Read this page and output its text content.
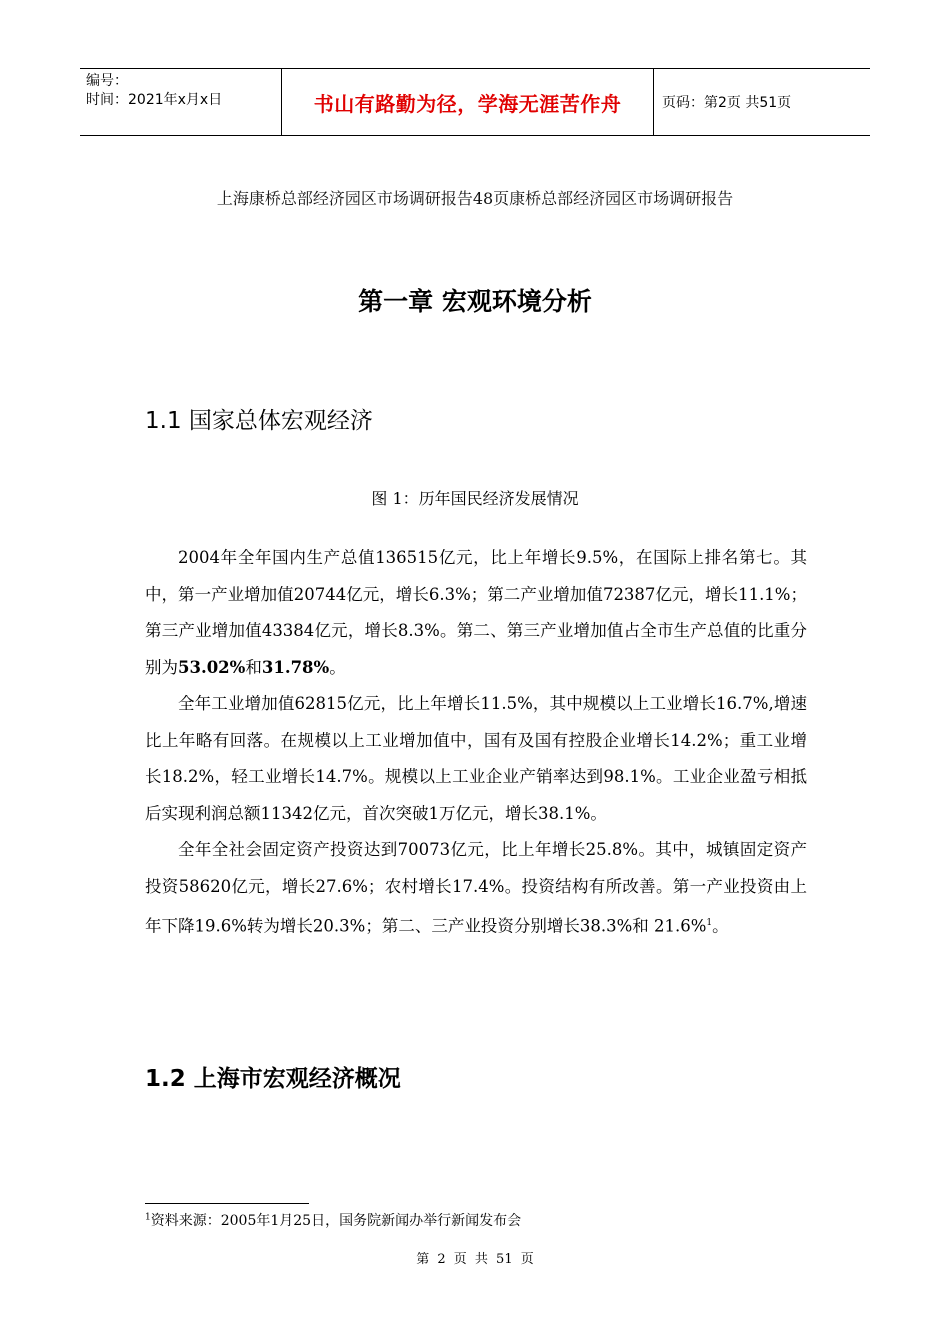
编号：
时间：2021年x月x日	书山有路勤为径，学海无涯苦作舟	页码：第2页 共51页
上海康桥总部经济园区市场调研报告48页康桥总部经济园区市场调研报告
第一章 宏观环境分析
1.1 国家总体宏观经济
图 1：历年国民经济发展情况

2004年全年国内生产总值136515亿元，比上年增长9.5%，在国际上排名第七。其中，第一产业增加值20744亿元，增长6.3%；第二产业增加值72387亿元，增长11.1%；第三产业增加值43384亿元，增长8.3%。第二、第三产业增加值占全市生产总值的比重分别为53.02%和31.78%。

全年工业增加值62815亿元，比上年增长11.5%，其中规模以上工业增长16.7%,增速比上年略有回落。在规模以上工业增加值中，国有及国有控股企业增长14.2%；重工业增长18.2%，轻工业增长14.7%。规模以上工业企业产销率达到98.1%。工业企业盈亏相抵后实现利润总额11342亿元，首次突破1万亿元，增长38.1%。

全年全社会固定资产投资达到70073亿元，比上年增长25.8%。其中，城镇固定资产投资58620亿元，增长27.6%；农村增长17.4%。投资结构有所改善。第一产业投资由上年下降19.6%转为增长20.3%；第二、三产业投资分别增长38.3%和 21.6%$^1$。

1.2 上海市宏观经济概况
$^1$资料来源：2005年1月25日，国务院新闻办举行新闻发布会
第 2 页 共 51 页
